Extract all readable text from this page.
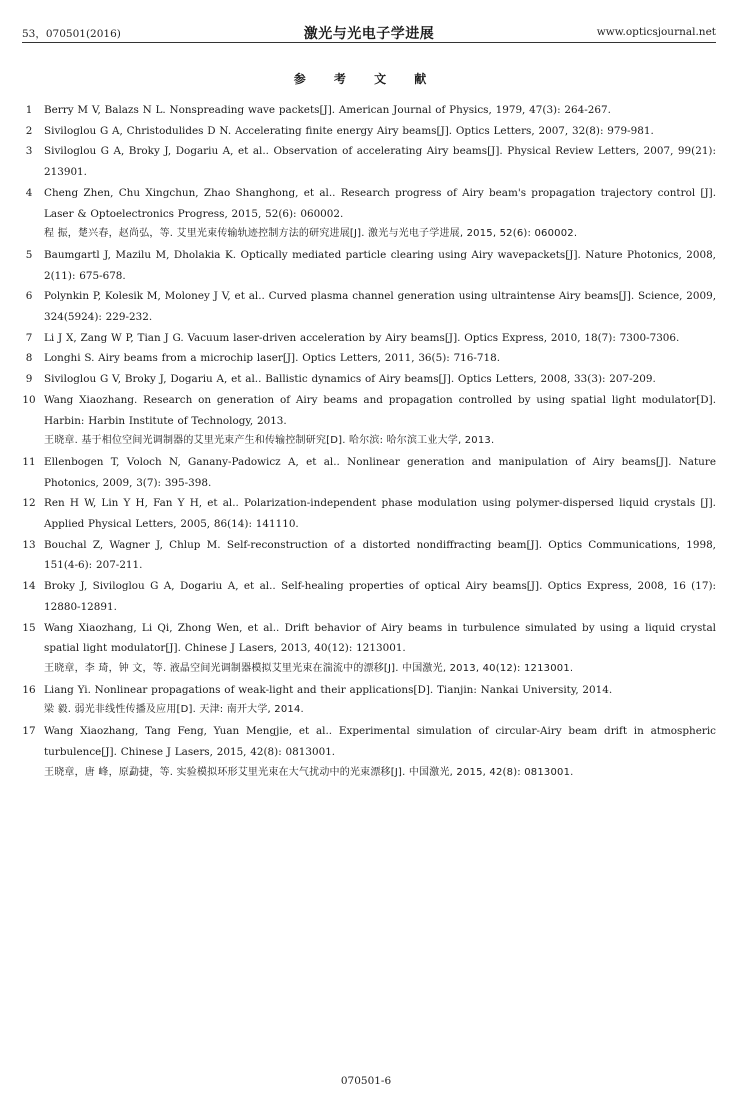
53，070501(2016)	激光与光电子学进展	www.opticsjournal.net
参 考 文 献
1	Berry M V, Balazs N L. Nonspreading wave packets[J]. American Journal of Physics, 1979, 47(3): 264-267.
2	Siviloglou G A, Christodulides D N. Accelerating finite energy Airy beams[J]. Optics Letters, 2007, 32(8): 979-981.
3	Siviloglou G A, Broky J, Dogariu A, et al.. Observation of accelerating Airy beams[J]. Physical Review Letters, 2007, 99(21): 213901.
4	Cheng Zhen, Chu Xingchun, Zhao Shanghong, et al.. Research progress of Airy beam's propagation trajectory control [J]. Laser & Optoelectronics Progress, 2015, 52(6): 060002.
程 振，楚兴春，赵尚弘，等. 艾里光束传输轨迹控制方法的研究进展[J]. 激光与光电子学进展, 2015, 52(6): 060002.
5	Baumgartl J, Mazilu M, Dholakia K. Optically mediated particle clearing using Airy wavepackets[J]. Nature Photonics, 2008, 2(11): 675-678.
6	Polynkin P, Kolesik M, Moloney J V, et al.. Curved plasma channel generation using ultraintense Airy beams[J]. Science, 2009, 324(5924): 229-232.
7	Li J X, Zang W P, Tian J G. Vacuum laser-driven acceleration by Airy beams[J]. Optics Express, 2010, 18(7): 7300-7306.
8	Longhi S. Airy beams from a microchip laser[J]. Optics Letters, 2011, 36(5): 716-718.
9	Siviloglou G V, Broky J, Dogariu A, et al.. Ballistic dynamics of Airy beams[J]. Optics Letters, 2008, 33(3): 207-209.
10 Wang Xiaozhang. Research on generation of Airy beams and propagation controlled by using spatial light modulator[D]. Harbin: Harbin Institute of Technology, 2013.
王晓章. 基于相位空间光调制器的艾里光束产生和传输控制研究[D]. 哈尔滨: 哈尔滨工业大学, 2013.
11 Ellenbogen T, Voloch N, Ganany-Padowicz A, et al.. Nonlinear generation and manipulation of Airy beams[J]. Nature Photonics, 2009, 3(7): 395-398.
12 Ren H W, Lin Y H, Fan Y H, et al.. Polarization-independent phase modulation using polymer-dispersed liquid crystals [J]. Applied Physical Letters, 2005, 86(14): 141110.
13 Bouchal Z, Wagner J, Chlup M. Self-reconstruction of a distorted nondiffracting beam[J]. Optics Communications, 1998, 151(4-6): 207-211.
14 Broky J, Siviloglou G A, Dogariu A, et al.. Self-healing properties of optical Airy beams[J]. Optics Express, 2008, 16 (17): 12880-12891.
15 Wang Xiaozhang, Li Qi, Zhong Wen, et al.. Drift behavior of Airy beams in turbulence simulated by using a liquid crystal spatial light modulator[J]. Chinese J Lasers, 2013, 40(12): 1213001.
王晓章，李 琦，钟 文，等. 液晶空间光调制器模拟艾里光束在湍流中的漂移[J]. 中国激光, 2013, 40(12): 1213001.
16 Liang Yi. Nonlinear propagations of weak-light and their applications[D]. Tianjin: Nankai University, 2014.
梁 毅. 弱光非线性传播及应用[D]. 天津: 南开大学, 2014.
17 Wang Xiaozhang, Tang Feng, Yuan Mengjie, et al.. Experimental simulation of circular-Airy beam drift in atmospheric turbulence[J]. Chinese J Lasers, 2015, 42(8): 0813001.
王晓章，唐 峰，原勐捷，等. 实验模拟环形艾里光束在大气扰动中的光束漂移[J]. 中国激光, 2015, 42(8): 0813001.
070501-6
